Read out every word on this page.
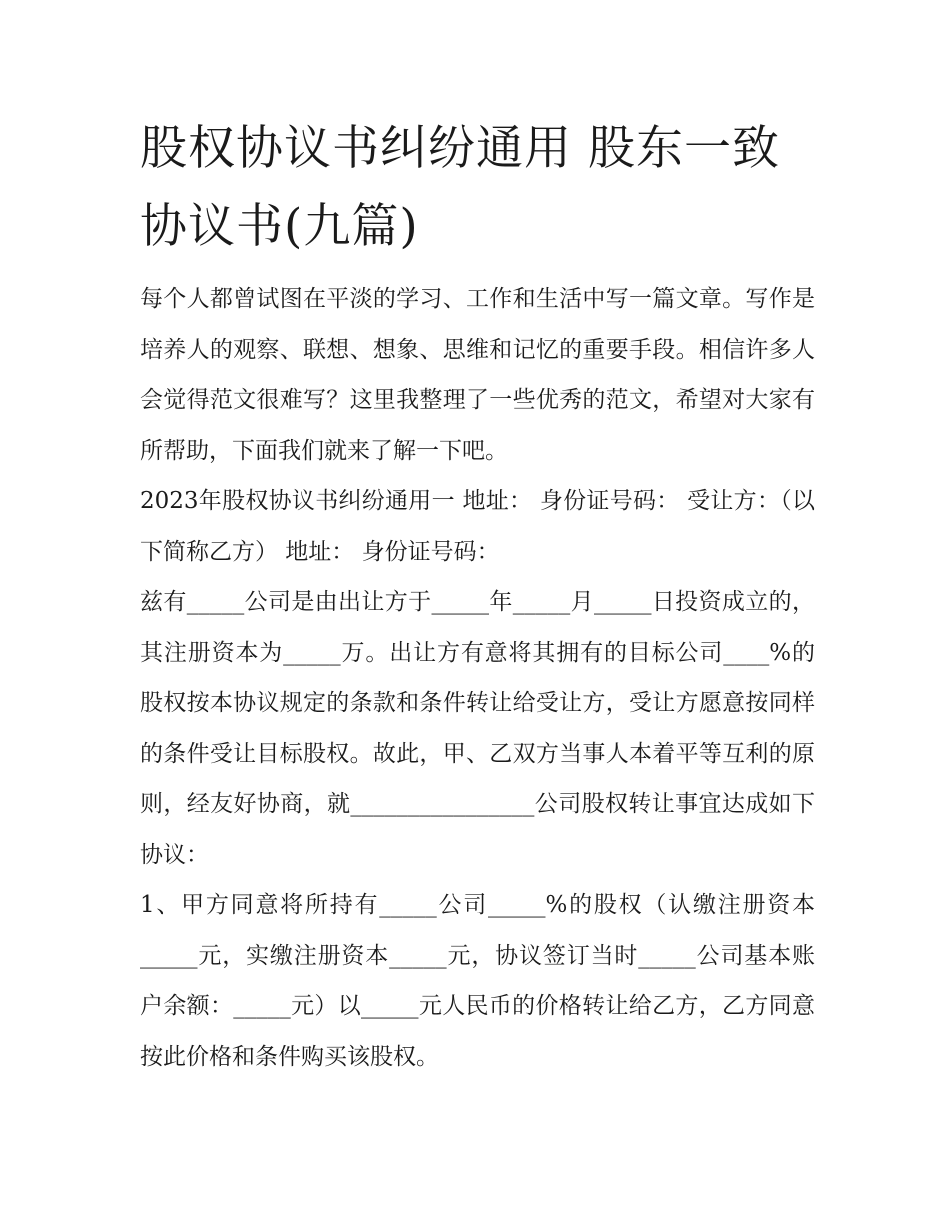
股权协议书纠纷通用 股东一致协议书(九篇)

每个人都曾试图在平淡的学习、工作和生活中写一篇文章。写作是培养人的观察、联想、想象、思维和记忆的重要手段。相信许多人会觉得范文很难写？这里我整理了一些优秀的范文，希望对大家有所帮助，下面我们就来了解一下吧。

2023年股权协议书纠纷通用一 地址： 身份证号码： 受让方：（以下简称乙方） 地址： 身份证号码：

兹有_____公司是由出让方于_____年_____月_____日投资成立的，其注册资本为_____万。出让方有意将其拥有的目标公司____%的股权按本协议规定的条款和条件转让给受让方，受让方愿意按同样的条件受让目标股权。故此，甲、乙双方当事人本着平等互利的原则，经友好协商，就________________公司股权转让事宜达成如下协议：

1、甲方同意将所持有_____公司_____%的股权（认缴注册资本_____元，实缴注册资本_____元，协议签订当时_____公司基本账户余额：_____元）以_____元人民币的价格转让给乙方，乙方同意按此价格和条件购买该股权。
